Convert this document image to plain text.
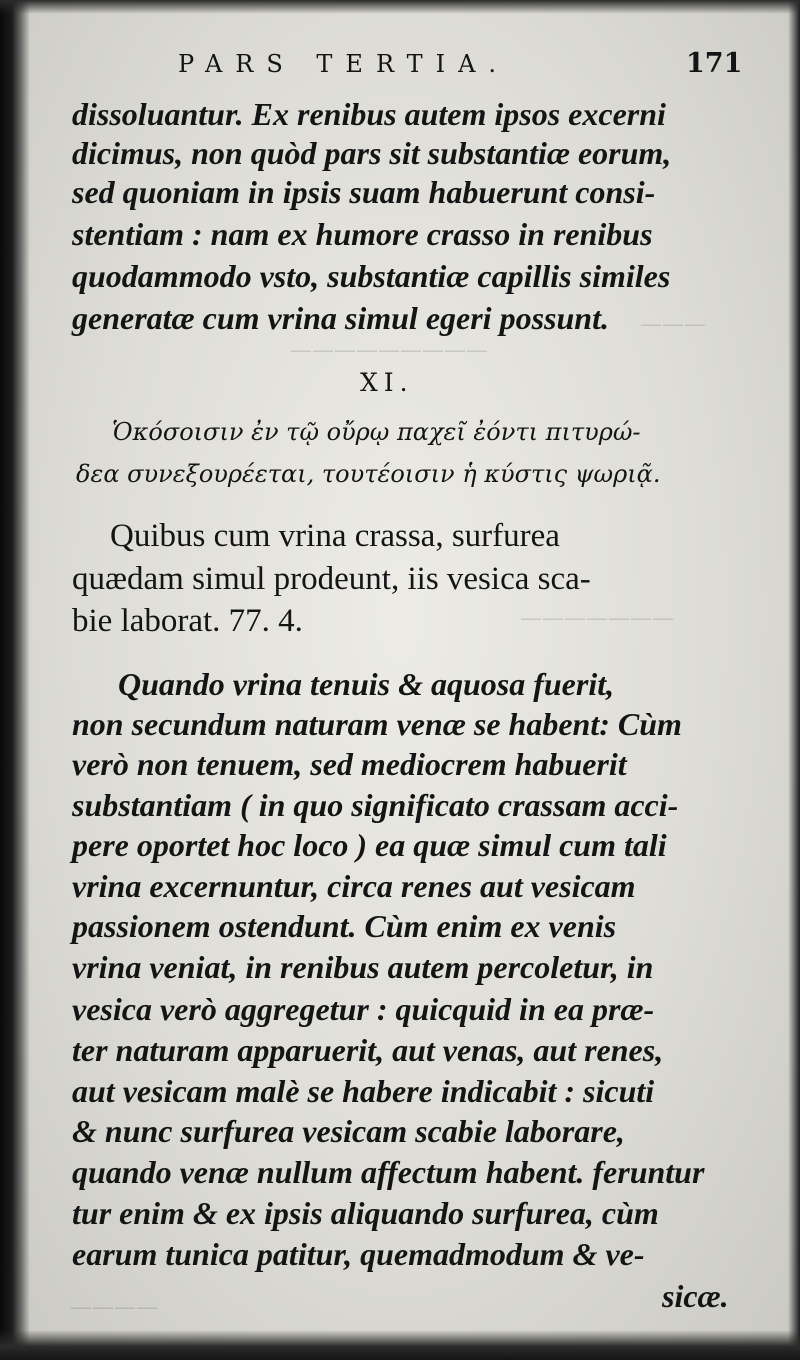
—————————
———————
———
————
PARS TERTIA.	171
dissoluantur. Ex renibus autem ipsos excerni
dicimus, non quòd pars sit substantiæ eorum,
sed quoniam in ipsis suam habuerunt consi-
stentiam : nam ex humore crasso in renibus
quodammodo vsto, substantiæ capillis similes
generatæ cum vrina simul egeri possunt.
XI.
Ὁκόσοισιν ἐν τῷ οὔρῳ παχεῖ ἐόντι πιτυρώ-
δεα συνεξουρέεται, τουτέοισιν ἡ κύστις ψωριᾷ.
Quibus cum vrina crassa, surfurea
quædam simul prodeunt, iis vesica sca-
bie laborat. 77. 4.
Quando vrina tenuis & aquosa fuerit,
non secundum naturam venæ se habent: Cùm
verò non tenuem, sed mediocrem habuerit
substantiam ( in quo significato crassam acci-
pere oportet hoc loco ) ea quæ simul cum tali
vrina excernuntur, circa renes aut vesicam
passionem ostendunt. Cùm enim ex venis
vrina veniat, in renibus autem percoletur, in
vesica verò aggregetur : quicquid in ea præ-
ter naturam apparuerit, aut venas, aut renes,
aut vesicam malè se habere indicabit : sicuti
& nunc surfurea vesicam scabie laborare,
quando venæ nullum affectum habent. feruntur
tur enim & ex ipsis aliquando surfurea, cùm
earum tunica patitur, quemadmodum & ve-
sicæ.
